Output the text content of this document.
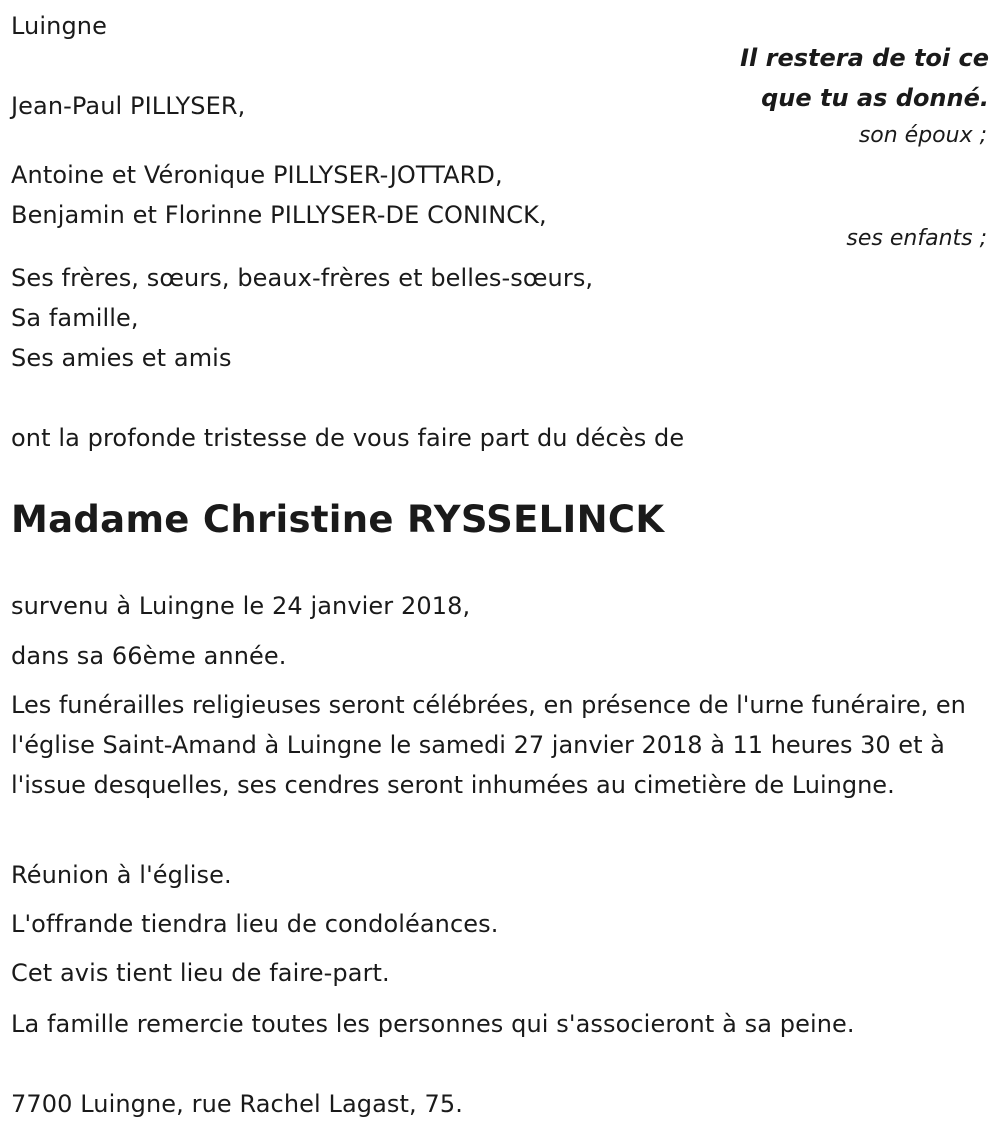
Luingne
Il restera de toi ce
que tu as donné.
Jean-Paul PILLYSER,
son époux ;
Antoine et Véronique PILLYSER-JOTTARD,
Benjamin et Florinne PILLYSER-DE CONINCK,
ses enfants ;
Ses frères, sœurs, beaux-frères et belles-sœurs,
Sa famille,
Ses amies et amis
ont la profonde tristesse de vous faire part du décès de
Madame Christine RYSSELINCK
survenu à Luingne le 24 janvier 2018,
dans sa 66ème année.
Les funérailles religieuses seront célébrées, en présence de l'urne funéraire, en l'église Saint-Amand à Luingne le samedi 27 janvier 2018 à 11 heures 30 et à l'issue desquelles, ses cendres seront inhumées au cimetière de Luingne.
Réunion à l'église.
L'offrande tiendra lieu de condoléances.
Cet avis tient lieu de faire-part.
La famille remercie toutes les personnes qui s'associeront à sa peine.
7700 Luingne, rue Rachel Lagast, 75.
